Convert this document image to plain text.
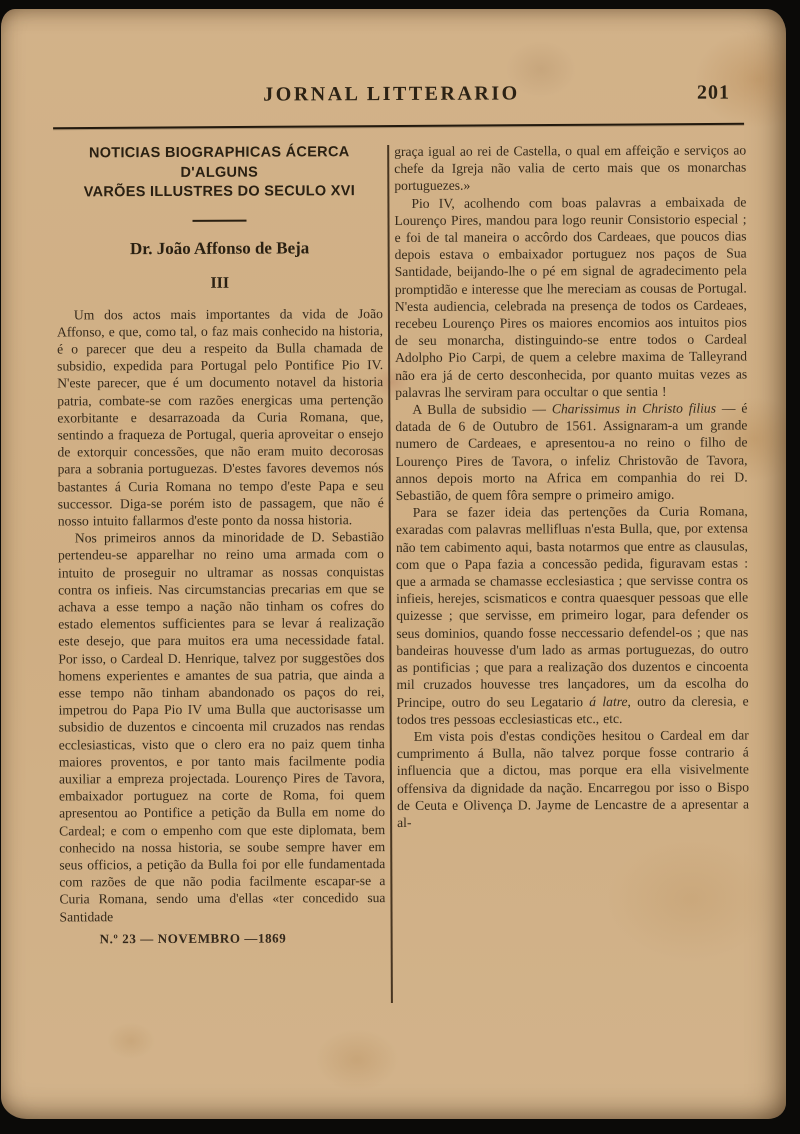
JORNAL LITTERARIO	201
NOTICIAS BIOGRAPHICAS ÁCERCA D'ALGUNS
VARÕES ILLUSTRES DO SECULO XVI
Dr. João Affonso de Beja
III

Um dos actos mais importantes da vida de João Affonso, e que, como tal, o faz mais conhecido na historia, é o parecer que deu a respeito da Bulla chamada de subsidio, expedida para Portugal pelo Pontifice Pio IV. N'este parecer, que é um documento notavel da historia patria, combate-se com razões energicas uma pertenção exorbitante e desarrazoada da Curia Romana, que, sentindo a fraqueza de Portugal, queria aproveitar o ensejo de extorquir concessões, que não eram muito decorosas para a sobrania portuguezas. D'estes favores devemos nós bastantes á Curia Romana no tempo d'este Papa e seu successor. Diga-se porém isto de passagem, que não é nosso intuito fallarmos d'este ponto da nossa historia.

Nos primeiros annos da minoridade de D. Sebastião pertendeu-se apparelhar no reino uma armada com o intuito de proseguir no ultramar as nossas conquistas contra os infieis. Nas circumstancias precarias em que se achava a esse tempo a nação não tinham os cofres do estado elementos sufficientes para se levar á realização este desejo, que para muitos era uma necessidade fatal. Por isso, o Cardeal D. Henrique, talvez por suggestões dos homens experientes e amantes de sua patria, que ainda a esse tempo não tinham abandonado os paços do rei, impetrou do Papa Pio IV uma Bulla que auctorisasse um subsidio de duzentos e cincoenta mil cruzados nas rendas ecclesiasticas, visto que o clero era no paiz quem tinha maiores proventos, e por tanto mais facilmente podia auxiliar a empreza projectada. Lourenço Pires de Tavora, embaixador portuguez na corte de Roma, foi quem apresentou ao Pontifice a petição da Bulla em nome do Cardeal; e com o empenho com que este diplomata, bem conhecido na nossa historia, se soube sempre haver em seus officios, a petição da Bulla foi por elle fundamentada com razões de que não podia facilmente escapar-se a Curia Romana, sendo uma d'ellas «ter concedido sua Santidade

N.º 23 — NOVEMBRO —1869

graça igual ao rei de Castella, o qual em affeição e serviços ao chefe da Igreja não valia de certo mais que os monarchas portuguezes.»

Pio IV, acolhendo com boas palavras a embaixada de Lourenço Pires, mandou para logo reunir Consistorio especial ; e foi de tal maneira o accôrdo dos Cardeaes, que poucos dias depois estava o embaixador portuguez nos paços de Sua Santidade, beijando-lhe o pé em signal de agradecimento pela promptidão e interesse que lhe mereciam as cousas de Portugal. N'esta audiencia, celebrada na presença de todos os Cardeaes, recebeu Lourenço Pires os maiores encomios aos intuitos pios de seu monarcha, distinguindo-se entre todos o Cardeal Adolpho Pio Carpi, de quem a celebre maxima de Talleyrand não era já de certo desconhecida, por quanto muitas vezes as palavras lhe serviram para occultar o que sentia !

A Bulla de subsidio — Charissimus in Christo filius — é datada de 6 de Outubro de 1561. Assignaram-a um grande numero de Cardeaes, e apresentou-a no reino o filho de Lourenço Pires de Tavora, o infeliz Christovão de Tavora, annos depois morto na Africa em companhia do rei D. Sebastião, de quem fôra sempre o primeiro amigo.

Para se fazer ideia das pertenções da Curia Romana, exaradas com palavras mellifluas n'esta Bulla, que, por extensa não tem cabimento aqui, basta notarmos que entre as clausulas, com que o Papa fazia a concessão pedida, figuravam estas : que a armada se chamasse ecclesiastica ; que servisse contra os infieis, herejes, scismaticos e contra quaesquer pessoas que elle quizesse ; que servisse, em primeiro logar, para defender os seus dominios, quando fosse neccessario defendel-os ; que nas bandeiras houvesse d'um lado as armas portuguezas, do outro as pontificias ; que para a realização dos duzentos e cincoenta mil cruzados houvesse tres lançadores, um da escolha do Principe, outro do seu Legatario á latre, outro da cleresia, e todos tres pessoas ecclesiasticas etc., etc.

Em vista pois d'estas condições hesitou o Cardeal em dar cumprimento á Bulla, não talvez porque fosse contrario á influencia que a dictou, mas porque era ella visivelmente offensiva da dignidade da nação. Encarregou por isso o Bispo de Ceuta e Olivença D. Jayme de Lencastre de a apresentar a al-
